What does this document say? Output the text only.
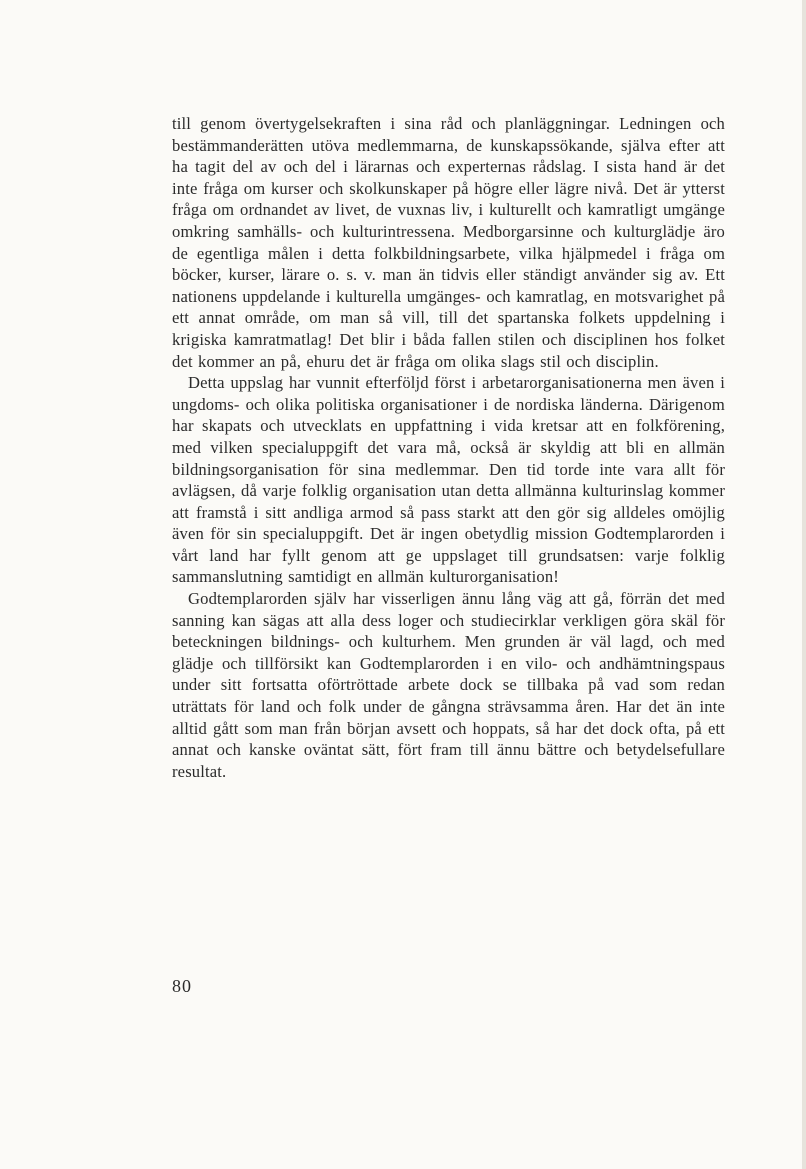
till genom övertygelsekraften i sina råd och planläggningar. Ledningen och bestämmanderätten utöva medlemmarna, de kunskapssökande, själva efter att ha tagit del av och del i lärarnas och experternas rådslag. I sista hand är det inte fråga om kurser och skolkunskaper på högre eller lägre nivå. Det är ytterst fråga om ordnandet av livet, de vuxnas liv, i kulturellt och kamratligt umgänge omkring samhälls- och kulturintressena. Medborgarsinne och kulturglädje äro de egentliga målen i detta folkbildningsarbete, vilka hjälpmedel i fråga om böcker, kurser, lärare o. s. v. man än tidvis eller ständigt använder sig av. Ett nationens uppdelande i kulturella umgänges- och kamratlag, en motsvarighet på ett annat område, om man så vill, till det spartanska folkets uppdelning i krigiska kamratmatlag! Det blir i båda fallen stilen och disciplinen hos folket det kommer an på, ehuru det är fråga om olika slags stil och disciplin.

Detta uppslag har vunnit efterföljd först i arbetarorganisationerna men även i ungdoms- och olika politiska organisationer i de nordiska länderna. Därigenom har skapats och utvecklats en uppfattning i vida kretsar att en folkförening, med vilken specialuppgift det vara må, också är skyldig att bli en allmän bildningsorganisation för sina medlemmar. Den tid torde inte vara allt för avlägsen, då varje folklig organisation utan detta allmänna kulturinslag kommer att framstå i sitt andliga armod så pass starkt att den gör sig alldeles omöjlig även för sin specialuppgift. Det är ingen obetydlig mission Godtemplarorden i vårt land har fyllt genom att ge uppslaget till grundsatsen: varje folklig sammanslutning samtidigt en allmän kulturorganisation!

Godtemplarorden själv har visserligen ännu lång väg att gå, förrän det med sanning kan sägas att alla dess loger och studiecirklar verkligen göra skäl för beteckningen bildnings- och kulturhem. Men grunden är väl lagd, och med glädje och tillförsikt kan Godtemplarorden i en vilo- och andhämtningspaus under sitt fortsatta oförtröttade arbete dock se tillbaka på vad som redan uträttats för land och folk under de gångna strävsamma åren. Har det än inte alltid gått som man från början avsett och hoppats, så har det dock ofta, på ett annat och kanske oväntat sätt, fört fram till ännu bättre och betydelsefullare resultat.

80
